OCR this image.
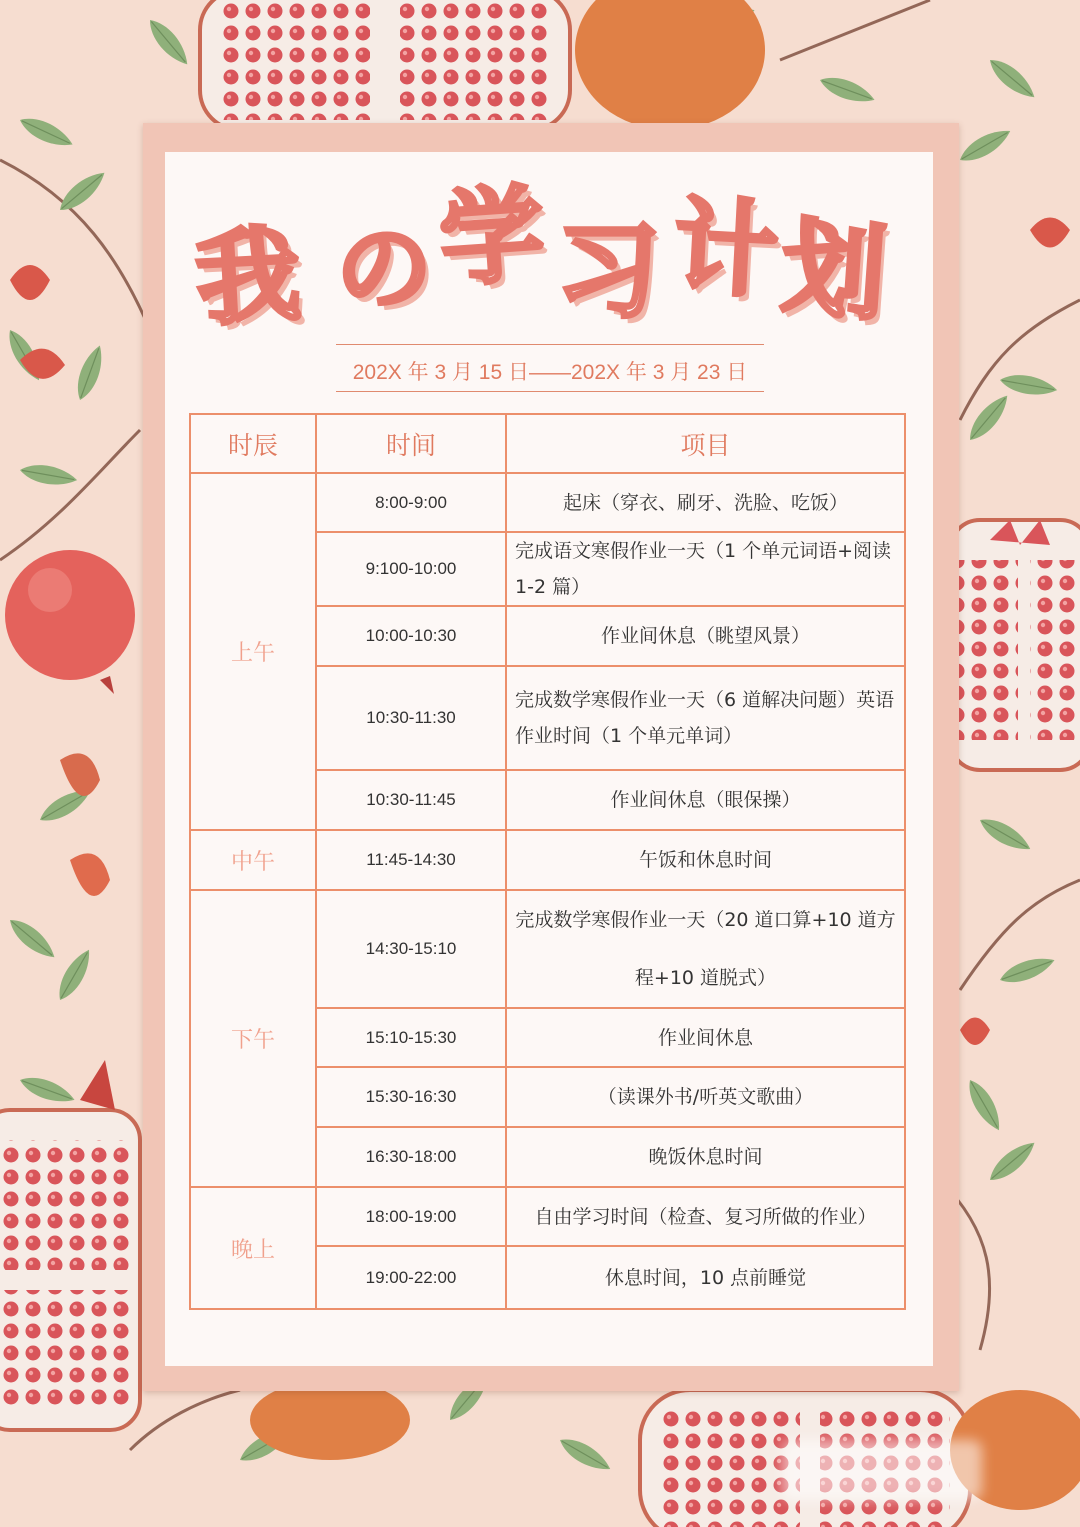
我 の 学 习 计
划
202X 年 3 月 15 日——202X 年 3 月 23 日
时辰	时间	项目
上午	8:00-9:00	起床（穿衣、刷牙、洗脸、吃饭）
	9:100-10:00	完成语文寒假作业一天（1 个单元词语+阅读 1-2 篇）
	10:00-10:30	作业间休息（眺望风景）
	10:30-11:30	完成数学寒假作业一天（6 道解决问题）英语作业时间（1 个单元单词）
	10:30-11:45	作业间休息（眼保操）
中午	11:45-14:30	午饭和休息时间
下午	14:30-15:10	完成数学寒假作业一天（20 道口算+10 道方程+10 道脱式）
	15:10-15:30	作业间休息
	15:30-16:30	（读课外书/听英文歌曲）
	16:30-18:00	晚饭休息时间
晚上	18:00-19:00	自由学习时间（检查、复习所做的作业）
	19:00-22:00	休息时间，10 点前睡觉
